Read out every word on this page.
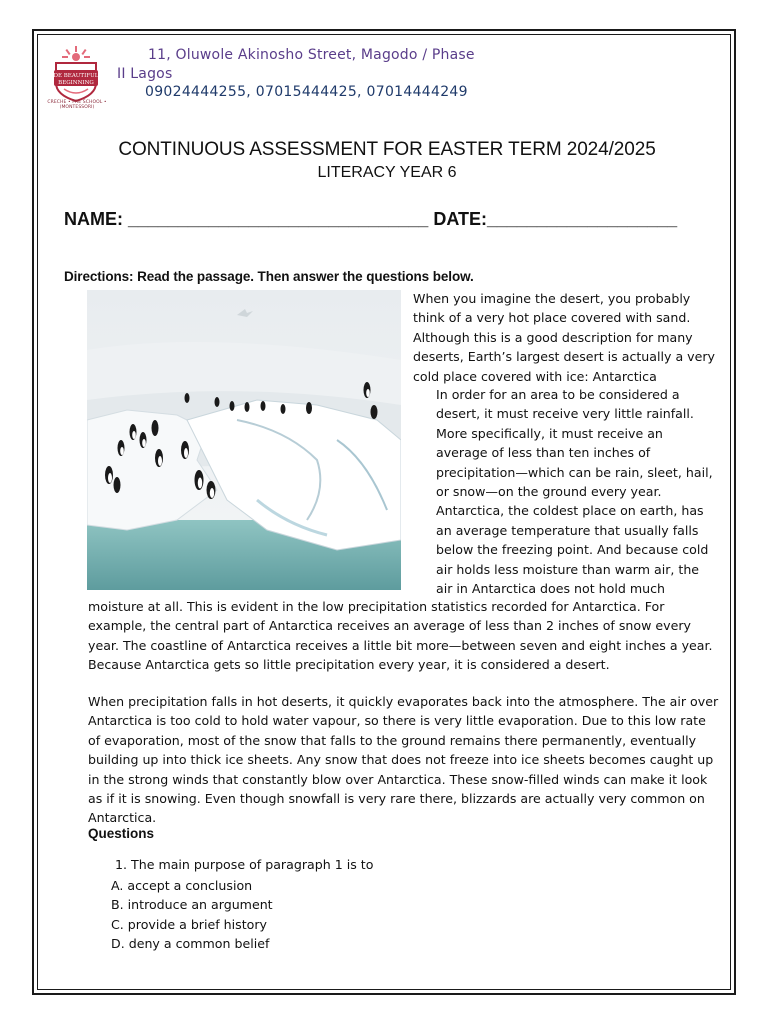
DE BEAUTIFUL
BEGINNING
CRECHE • PRE SCHOOL • (MONTESSORI)
11, Oluwole Akinosho Street, Magodo / Phase
II Lagos
09024444255, 07015444425, 07014444249
CONTINUOUS ASSESSMENT FOR EASTER TERM 2024/2025
LITERACY YEAR 6
NAME: ______________________________ DATE:___________________
Directions: Read the passage. Then answer the questions below.
When you imagine the desert, you probably
think of a very hot place covered with sand.
Although this is a good description for many
deserts, Earth’s largest desert is actually a very
cold place covered with ice: Antarctica
In order for an area to be considered a
desert, it must receive very little rainfall.
More specifically, it must receive an
average of less than ten inches of
precipitation—which can be rain, sleet, hail,
or snow—on the ground every year.
Antarctica, the coldest place on earth, has
an average temperature that usually falls
below the freezing point. And because cold
air holds less moisture than warm air, the
air in Antarctica does not hold much
moisture at all. This is evident in the low precipitation statistics recorded for Antarctica. For
example, the central part of Antarctica receives an average of less than 2 inches of snow every
year. The coastline of Antarctica receives a little bit more—between seven and eight inches a year.
Because Antarctica gets so little precipitation every year, it is considered a desert.
When precipitation falls in hot deserts, it quickly evaporates back into the atmosphere. The air over
Antarctica is too cold to hold water vapour, so there is very little evaporation. Due to this low rate
of evaporation, most of the snow that falls to the ground remains there permanently, eventually
building up into thick ice sheets. Any snow that does not freeze into ice sheets becomes caught up
in the strong winds that constantly blow over Antarctica. These snow-filled winds can make it look
as if it is snowing. Even though snowfall is very rare there, blizzards are actually very common on
Antarctica.
Questions
1. The main purpose of paragraph 1 is to
A. accept a conclusion
B. introduce an argument
C. provide a brief history
D. deny a common belief
